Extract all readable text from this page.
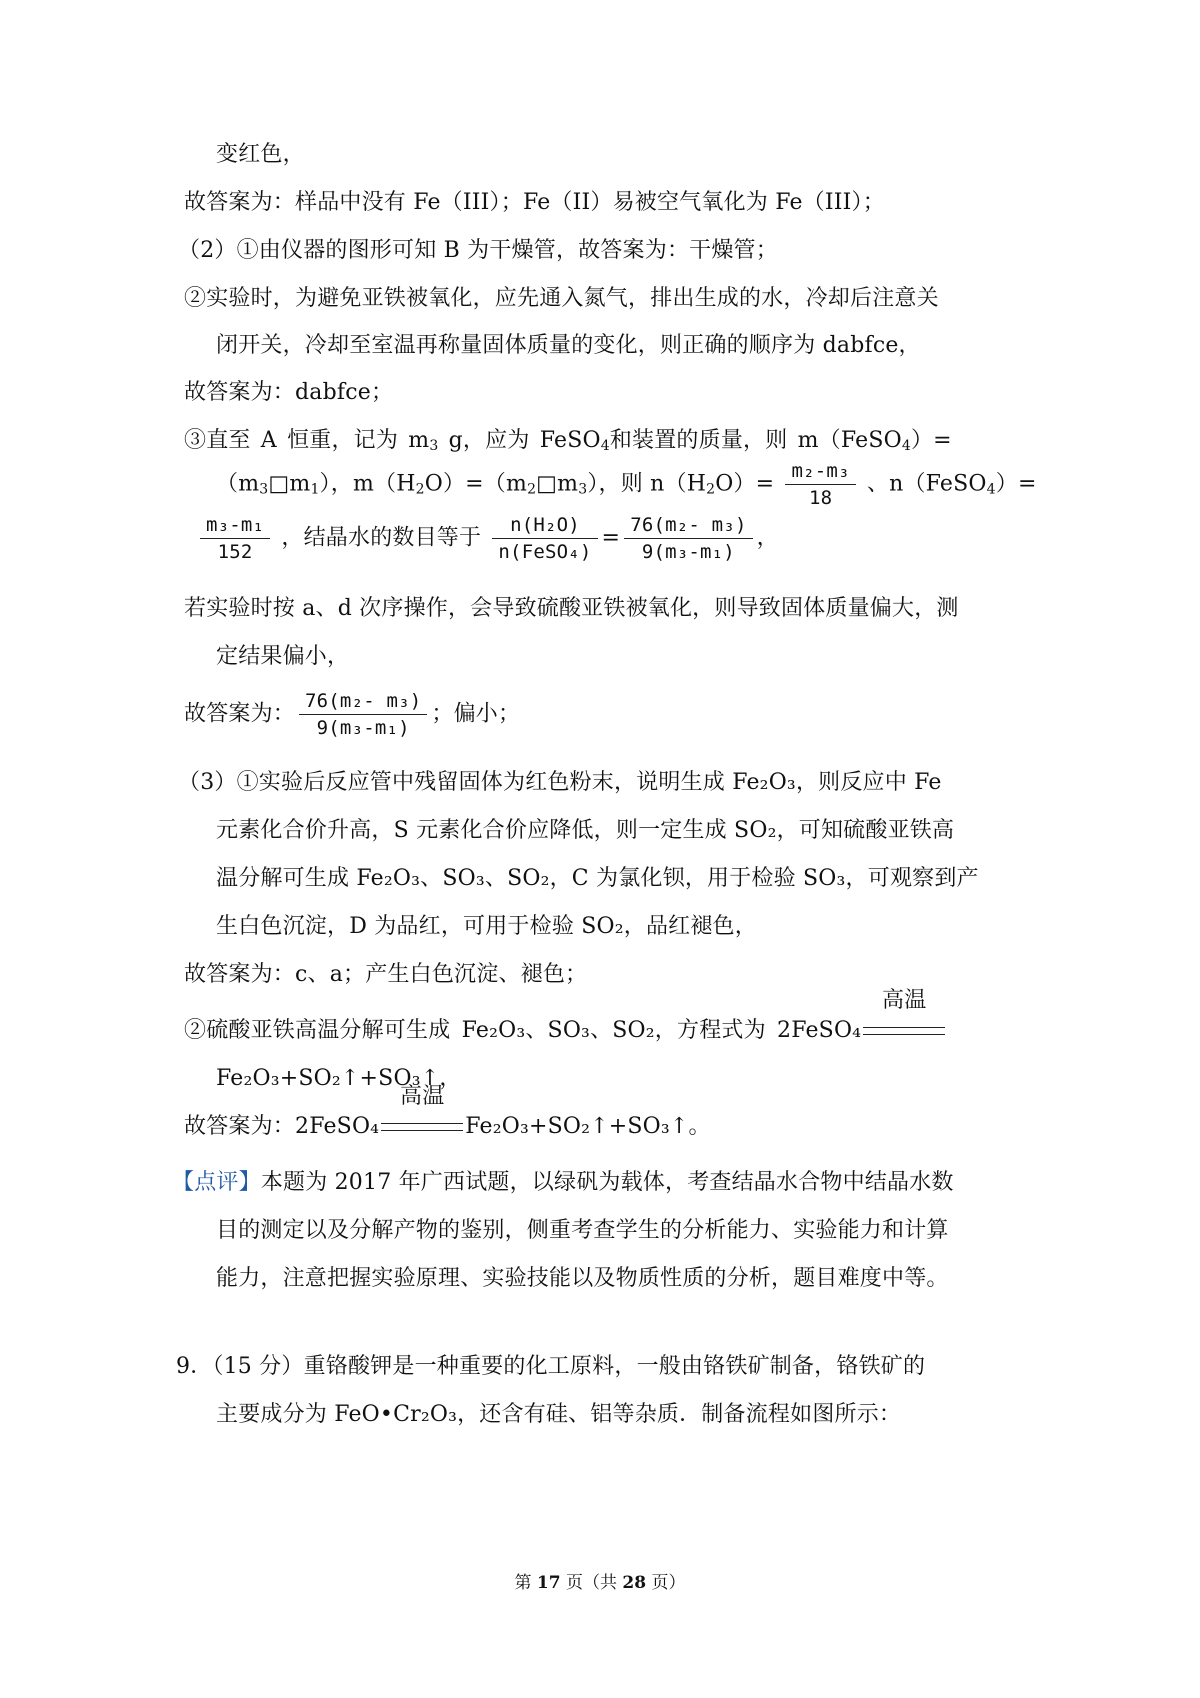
变红色，
故答案为：样品中没有 Fe（III）；Fe（II）易被空气氧化为 Fe（III）；
（2）①由仪器的图形可知 B 为干燥管，故答案为：干燥管；
②实验时，为避免亚铁被氧化，应先通入氮气，排出生成的水，冷却后注意关
闭开关，冷却至室温再称量固体质量的变化，则正确的顺序为 dabfce，
故答案为：dabfce；
③直至 A 恒重，记为 $m_3$ g，应为 FeSO$_4$和装置的质量，则 m（FeSO$_4$）=
$(m_3□m_1)$，$m(H_2O)=(m_2□m_3)$，则 $n(H_2O)= \frac{\text{m₂-m₃}}{18}$ 、n（FeSO$_4$）=
$\frac{\text{m₃-m₁}}{152}$ ，结晶水的数目等于 $\frac{\text{n(H₂O)}}{\text{n(FeSO₄)}} = \frac{\text{76(m₂- m₃)}}{\text{9(m₃-m₁)}}$ ，
若实验时按 a、d 次序操作，会导致硫酸亚铁被氧化，则导致固体质量偏大，测
定结果偏小，
故答案为： $\frac{\text{76(m₂- m₃)}}{\text{9(m₃-m₁)}}$ ；偏小；
（3）①实验后反应管中残留固体为红色粉末，说明生成 Fe₂O₃，则反应中 Fe
元素化合价升高，S 元素化合价应降低，则一定生成 SO₂，可知硫酸亚铁高
温分解可生成 Fe₂O₃、SO₃、SO₂，C 为氯化钡，用于检验 SO₃，可观察到产
生白色沉淀，D 为品红，可用于检验 SO₂，品红褪色，
故答案为：c、a；产生白色沉淀、褪色；
②硫酸亚铁高温分解可生成 Fe₂O₃、SO₃、SO₂，方程式为 2FeSO₄
高温
Fe₂O₃+SO₂↑+SO₃↑，
故答案为：2FeSO₄
高温
Fe₂O₃+SO₂↑+SO₃↑。
【点评】本题为 2017 年广西试题，以绿矾为载体，考查结晶水合物中结晶水数
目的测定以及分解产物的鉴别，侧重考查学生的分析能力、实验能力和计算
能力，注意把握实验原理、实验技能以及物质性质的分析，题目难度中等。
9．（15 分）重铬酸钾是一种重要的化工原料，一般由铬铁矿制备，铬铁矿的
主要成分为 FeO•Cr₂O₃，还含有硅、铝等杂质．制备流程如图所示：
第 17 页（共 28 页）
